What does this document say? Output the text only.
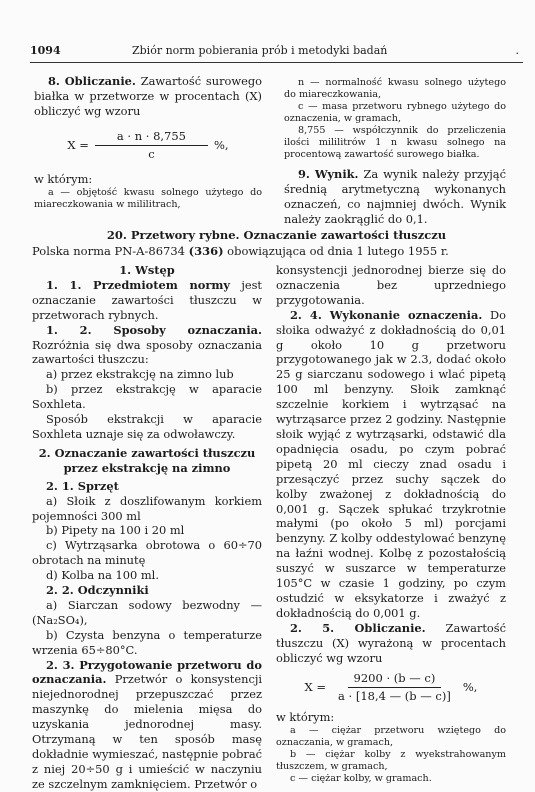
1094	Zbiór norm pobierania prób i metodyki badań	.

8. Obliczanie. Zawartość surowego białka w przetworze w procentach (X) obliczyć wg wzoru

$X = \frac{a \cdot n \cdot 8,755}{c}$ %,

w którym:

a — objętość kwasu solnego użytego do miareczkowania w mililitrach,

n — normalność kwasu solnego użytego do miareczkowania,

c — masa przetworu rybnego użytego do oznaczenia, w gramach,

8,755 — współczynnik do przeliczenia ilości mililitrów 1 n kwasu solnego na procentową zawartość surowego białka.

9. Wynik. Za wynik należy przyjąć średnią arytmetyczną wykonanych oznaczeń, co najmniej dwóch. Wynik należy zaokrąglić do 0,1.

20. Przetwory rybne. Oznaczanie zawartości tłuszczu
Polska norma PN-A-86734 (336) obowiązująca od dnia 1 lutego 1955 r.

1. Wstęp

1. 1. Przedmiotem normy jest oznaczanie zawartości tłuszczu w przetworach rybnych.

1. 2. Sposoby oznaczania. Rozróżnia się dwa sposoby oznaczania zawartości tłuszczu:

a) przez ekstrakcję na zimno lub

b) przez ekstrakcję w aparacie Soxhleta.

Sposób ekstrakcji w aparacie Soxhleta uznaje się za odwoławczy.

2. Oznaczanie zawartości tłuszczu przez ekstrakcję na zimno

2. 1. Sprzęt

a) Słoik z doszlifowanym korkiem pojemności 300 ml

b) Pipety na 100 i 20 ml

c) Wytrząsarka obrotowa o 60÷70 obrotach na minutę

d) Kolba na 100 ml.

2. 2. Odczynniki

a) Siarczan sodowy bezwodny — (Na₂SO₄),

b) Czysta benzyna o temperaturze wrzenia 65÷80°C.

2. 3. Przygotowanie przetworu do oznaczania. Przetwór o konsystencji niejednorodnej przepuszczać przez maszynkę do mielenia mięsa do uzyskania jednorodnej masy. Otrzymaną w ten sposób masę dokładnie wymieszać, następnie pobrać z niej 20÷50 g i umieścić w naczyniu ze szczelnym zamknięciem. Przetwór o

konsystencji jednorodnej bierze się do oznaczenia bez uprzedniego przygotowania.

2. 4. Wykonanie oznaczenia. Do słoika odważyć z dokładnością do 0,01 g około 10 g przetworu przygotowanego jak w 2.3, dodać około 25 g siarczanu sodowego i wlać pipetą 100 ml benzyny. Słoik zamknąć szczelnie korkiem i wytrząsać na wytrząsarce przez 2 godziny. Następnie słoik wyjąć z wytrząsarki, odstawić dla opadnięcia osadu, po czym pobrać pipetą 20 ml cieczy znad osadu i przesączyć przez suchy sączek do kolby zważonej z dokładnością do 0,001 g. Sączek spłukać trzykrotnie małymi (po około 5 ml) porcjami benzyny. Z kolby oddestylować benzynę na łaźni wodnej. Kolbę z pozostałością suszyć w suszarce w temperaturze 105°C w czasie 1 godziny, po czym ostudzić w eksykatorze i zważyć z dokładnością do 0,001 g.

2. 5. Obliczanie. Zawartość tłuszczu (X) wyrażoną w procentach obliczyć wg wzoru

$X = \frac{9200 \cdot (b — c)}{a \cdot [18,4 — (b — c)]}$ %,

w którym:

a — ciężar przetworu wziętego do oznaczania, w gramach,

b — ciężar kolby z wyekstrahowanym tłuszczem, w gramach,

c — ciężar kolby, w gramach.
